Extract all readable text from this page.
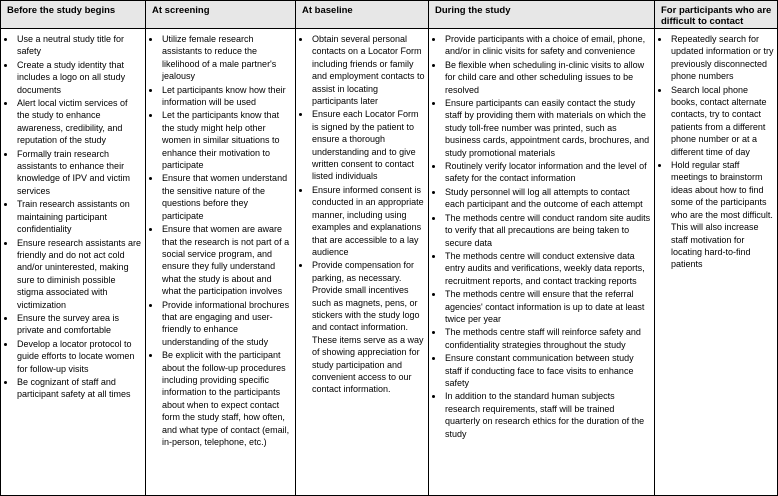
Before the study begins
• Use a neutral study title for safety
• Create a study identity that includes a logo on all study documents
• Alert local victim services of the study to enhance awareness, credibility, and reputation of the study
• Formally train research assistants to enhance their knowledge of IPV and victim services
• Train research assistants on maintaining participant confidentiality
• Ensure research assistants are friendly and do not act cold and/or uninterested, making sure to diminish possible stigma associated with victimization
• Ensure the survey area is private and comfortable
• Develop a locator protocol to guide efforts to locate women for follow-up visits
• Be cognizant of staff and participant safety at all times
At screening
• Utilize female research assistants to reduce the likelihood of a male partner's jealousy
• Let participants know how their information will be used
• Let the participants know that the study might help other women in similar situations to enhance their motivation to participate
• Ensure that women understand the sensitive nature of the questions before they participate
• Ensure that women are aware that the research is not part of a social service program, and ensure they fully understand what the study is about and what the participation involves
• Provide informational brochures that are engaging and user-friendly to enhance understanding of the study
• Be explicit with the participant about the follow-up procedures including providing specific information to the participants about when to expect contact form the study staff, how often, and what type of contact (email, in-person, telephone, etc.)
At baseline
• Obtain several personal contacts on a Locator Form including friends or family and employment contacts to assist in locating participants later
• Ensure each Locator Form is signed by the patient to ensure a thorough understanding and to give written consent to contact listed individuals
• Ensure informed consent is conducted in an appropriate manner, including using examples and explanations that are accessible to a lay audience
• Provide compensation for parking, as necessary. Provide small incentives such as magnets, pens, or stickers with the study logo and contact information. These items serve as a way of showing appreciation for study participation and convenient access to our contact information.
During the study
• Provide participants with a choice of email, phone, and/or in clinic visits for safety and convenience
• Be flexible when scheduling in-clinic visits to allow for child care and other scheduling issues to be resolved
• Ensure participants can easily contact the study staff by providing them with materials on which the study toll-free number was printed, such as business cards, appointment cards, brochures, and study promotional materials
• Routinely verify locator information and the level of safety for the contact information
• Study personnel will log all attempts to contact each participant and the outcome of each attempt
• The methods centre will conduct random site audits to verify that all precautions are being taken to secure data
• The methods centre will conduct extensive data entry audits and verifications, weekly data reports, recruitment reports, and contact tracking reports
• The methods centre will ensure that the referral agencies' contact information is up to date at least twice per year
• The methods centre staff will reinforce safety and confidentiality strategies throughout the study
• Ensure constant communication between study staff if conducting face to face visits to enhance safety
• In addition to the standard human subjects research requirements, staff will be trained quarterly on research ethics for the duration of the study
For participants who are difficult to contact
• Repeatedly search for updated information or try previously disconnected phone numbers
• Search local phone books, contact alternate contacts, try to contact patients from a different phone number or at a different time of day
• Hold regular staff meetings to brainstorm ideas about how to find some of the participants who are the most difficult. This will also increase staff motivation for locating hard-to-find patients
